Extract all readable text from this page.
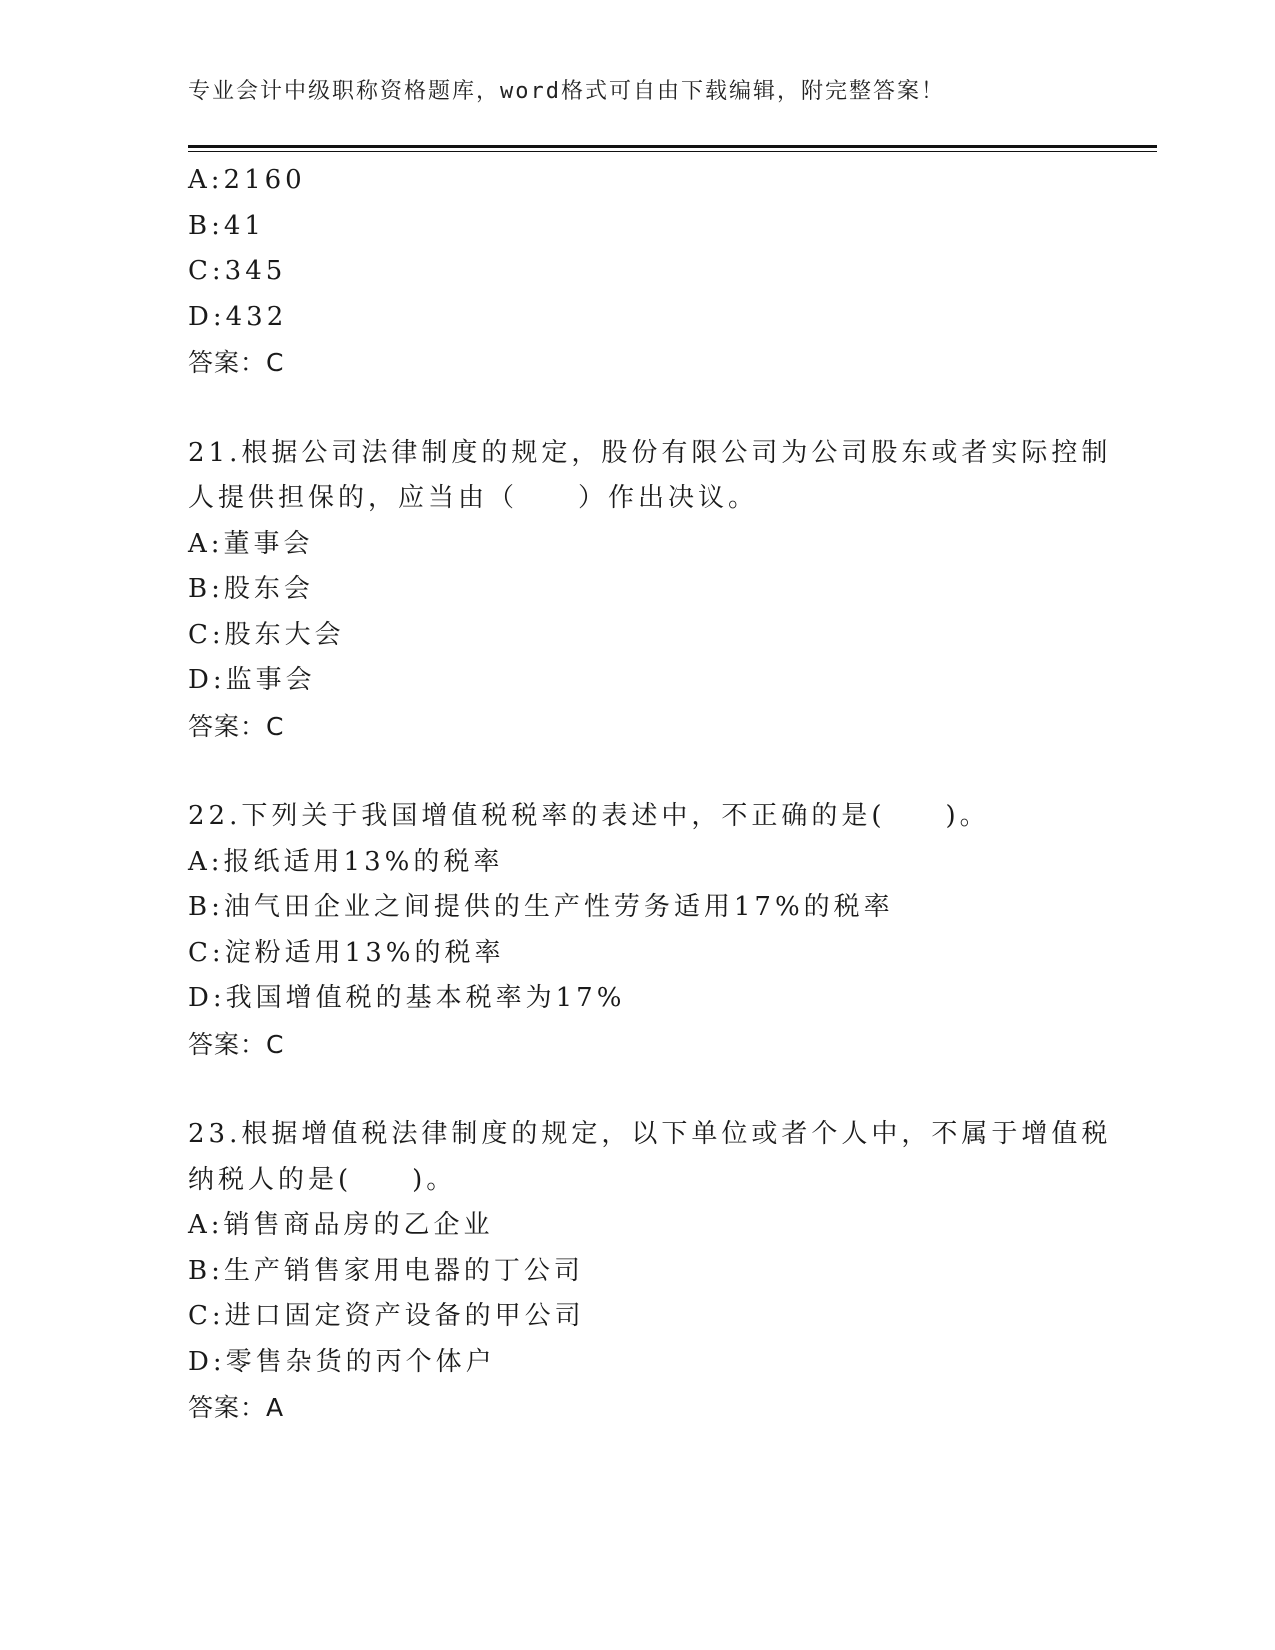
专业会计中级职称资格题库，word格式可自由下载编辑，附完整答案！
A:2160
B:41
C:345
D:432
答案：C
21.根据公司法律制度的规定，股份有限公司为公司股东或者实际控制
人提供担保的，应当由（　　）作出决议。
A:董事会
B:股东会
C:股东大会
D:监事会
答案：C
22.下列关于我国增值税税率的表述中，不正确的是(　　)。
A:报纸适用13%的税率
B:油气田企业之间提供的生产性劳务适用17%的税率
C:淀粉适用13%的税率
D:我国增值税的基本税率为17%
答案：C
23.根据增值税法律制度的规定，以下单位或者个人中，不属于增值税
纳税人的是(　　)。
A:销售商品房的乙企业
B:生产销售家用电器的丁公司
C:进口固定资产设备的甲公司
D:零售杂货的丙个体户
答案：A
